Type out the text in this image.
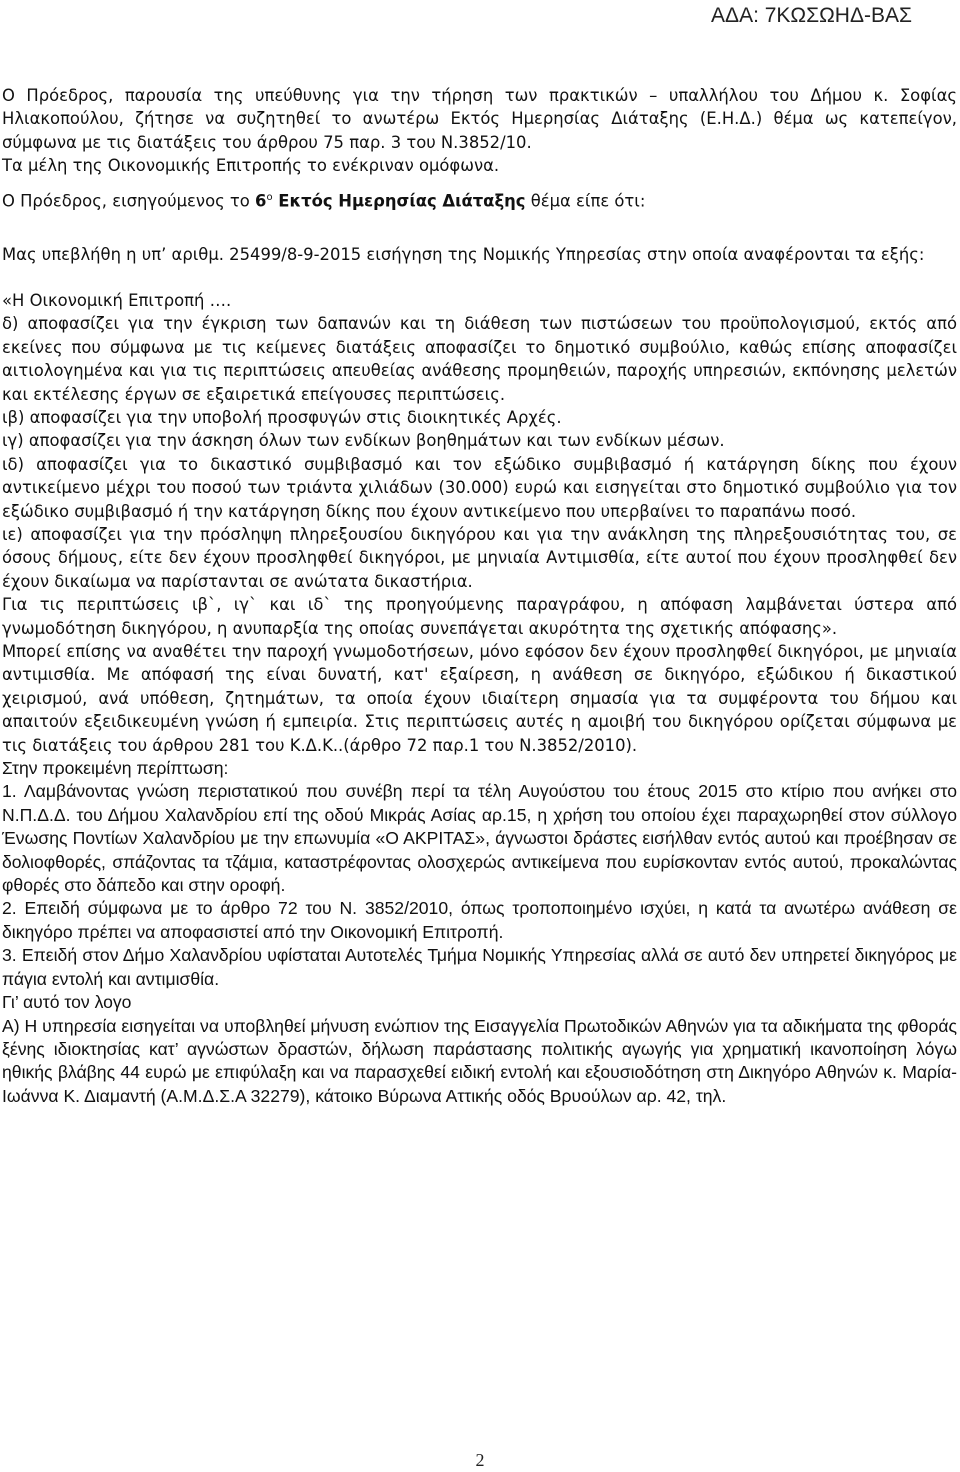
ΑΔΑ: 7ΚΩΣΩΗΔ-ΒΑΣ

Ο Πρόεδρος, παρουσία της υπεύθυνης για την τήρηση των πρακτικών – υπαλλήλου του Δήμου κ. Σοφίας Ηλιακοπούλου, ζήτησε να συζητηθεί το ανωτέρω Εκτός Ημερησίας Διάταξης (Ε.Η.Δ.) θέμα ως κατεπείγον, σύμφωνα με τις διατάξεις του άρθρου 75 παρ. 3 του Ν.3852/10.

Τα μέλη της Οικονομικής Επιτροπής το ενέκριναν ομόφωνα.

Ο Πρόεδρος, εισηγούμενος το $6^o$ Εκτός Ημερησίας Διάταξης θέμα είπε ότι:

Μας υπεβλήθη η υπ’ αριθμ. 25499/8-9-2015 εισήγηση της Νομικής Υπηρεσίας στην οποία αναφέρονται τα εξής:

«Η Οικονομική Επιτροπή ….

δ) αποφασίζει για την έγκριση των δαπανών και τη διάθεση των πιστώσεων του προϋπολογισμού, εκτός από εκείνες που σύμφωνα με τις κείμενες διατάξεις αποφασίζει το δημοτικό συμβούλιο, καθώς επίσης αποφασίζει αιτιολογημένα και για τις περιπτώσεις απευθείας ανάθεσης προμηθειών, παροχής υπηρεσιών, εκπόνησης μελετών και εκτέλεσης έργων σε εξαιρετικά επείγουσες περιπτώσεις.

ιβ) αποφασίζει για την υποβολή προσφυγών στις διοικητικές Αρχές.

ιγ) αποφασίζει για την άσκηση όλων των ενδίκων βοηθημάτων και των ενδίκων μέσων.

ιδ) αποφασίζει για το δικαστικό συμβιβασμό και τον εξώδικο συμβιβασμό ή κατάργηση δίκης που έχουν αντικείμενο μέχρι του ποσού των τριάντα χιλιάδων (30.000) ευρώ και εισηγείται στο δημοτικό συμβούλιο για τον εξώδικο συμβιβασμό ή την κατάργηση δίκης που έχουν αντικείμενο που υπερβαίνει το παραπάνω ποσό.

ιε) αποφασίζει για την πρόσληψη πληρεξουσίου δικηγόρου και για την ανάκληση της πληρεξουσιότητας του, σε όσους δήμους, είτε δεν έχουν προσληφθεί δικηγόροι, με μηνιαία Αντιμισθία, είτε αυτοί που έχουν προσληφθεί δεν έχουν δικαίωμα να παρίστανται σε ανώτατα δικαστήρια.

Για τις περιπτώσεις ιβ`, ιγ` και ιδ` της προηγούμενης παραγράφου, η απόφαση λαμβάνεται ύστερα από γνωμοδότηση δικηγόρου, η ανυπαρξία της οποίας συνεπάγεται ακυρότητα της σχετικής απόφασης».

Μπορεί επίσης να αναθέτει την παροχή γνωμοδοτήσεων, μόνο εφόσον δεν έχουν προσληφθεί δικηγόροι, με μηνιαία αντιμισθία. Με απόφασή της είναι δυνατή, κατ' εξαίρεση, η ανάθεση σε δικηγόρο, εξώδικου ή δικαστικού χειρισμού, ανά υπόθεση, ζητημάτων, τα οποία έχουν ιδιαίτερη σημασία για τα συμφέροντα του δήμου και απαιτούν εξειδικευμένη γνώση ή εμπειρία. Στις περιπτώσεις αυτές η αμοιβή του δικηγόρου ορίζεται σύμφωνα με τις διατάξεις του άρθρου 281 του Κ.Δ.Κ..(άρθρο 72 παρ.1 του Ν.3852/2010).

Στην προκειμένη περίπτωση:

1. Λαμβάνοντας γνώση περιστατικού που συνέβη περί τα τέλη Αυγούστου του έτους 2015 στο κτίριο που ανήκει στο Ν.Π.Δ.Δ. του Δήμου Χαλανδρίου επί της οδού Μικράς Ασίας αρ.15, η χρήση του οποίου έχει παραχωρηθεί στον σύλλογο Ένωσης Ποντίων Χαλανδρίου με την επωνυμία «Ο ΑΚΡΙΤΑΣ», άγνωστοι δράστες εισήλθαν εντός αυτού και προέβησαν σε δολιοφθορές, σπάζοντας τα τζάμια, καταστρέφοντας ολοσχερώς αντικείμενα που ευρίσκονταν εντός αυτού, προκαλώντας φθορές στο δάπεδο και στην οροφή.

2. Επειδή σύμφωνα με το άρθρο 72 του Ν. 3852/2010, όπως τροποποιημένο ισχύει, η κατά τα ανωτέρω ανάθεση σε δικηγόρο πρέπει να αποφασιστεί από την Οικονομική Επιτροπή.

3. Επειδή στον Δήμο Χαλανδρίου υφίσταται Αυτοτελές Τμήμα Νομικής Υπηρεσίας αλλά σε αυτό δεν υπηρετεί δικηγόρος με πάγια εντολή και αντιμισθία.

Γι’ αυτό τον λογο

Α) Η υπηρεσία εισηγείται να υποβληθεί μήνυση ενώπιον της Εισαγγελία Πρωτοδικών Αθηνών για τα αδικήματα της φθοράς ξένης ιδιοκτησίας κατ’ αγνώστων δραστών, δήλωση παράστασης πολιτικής αγωγής για χρηματική ικανοποίηση λόγω ηθικής βλάβης 44 ευρώ με επιφύλαξη και να παρασχεθεί ειδική εντολή και εξουσιοδότηση στη Δικηγόρο Αθηνών κ. Μαρία-Ιωάννα Κ. Διαμαντή (Α.Μ.Δ.Σ.Α 32279), κάτοικο Βύρωνα Αττικής οδός Βρυούλων αρ. 42, τηλ.

2
